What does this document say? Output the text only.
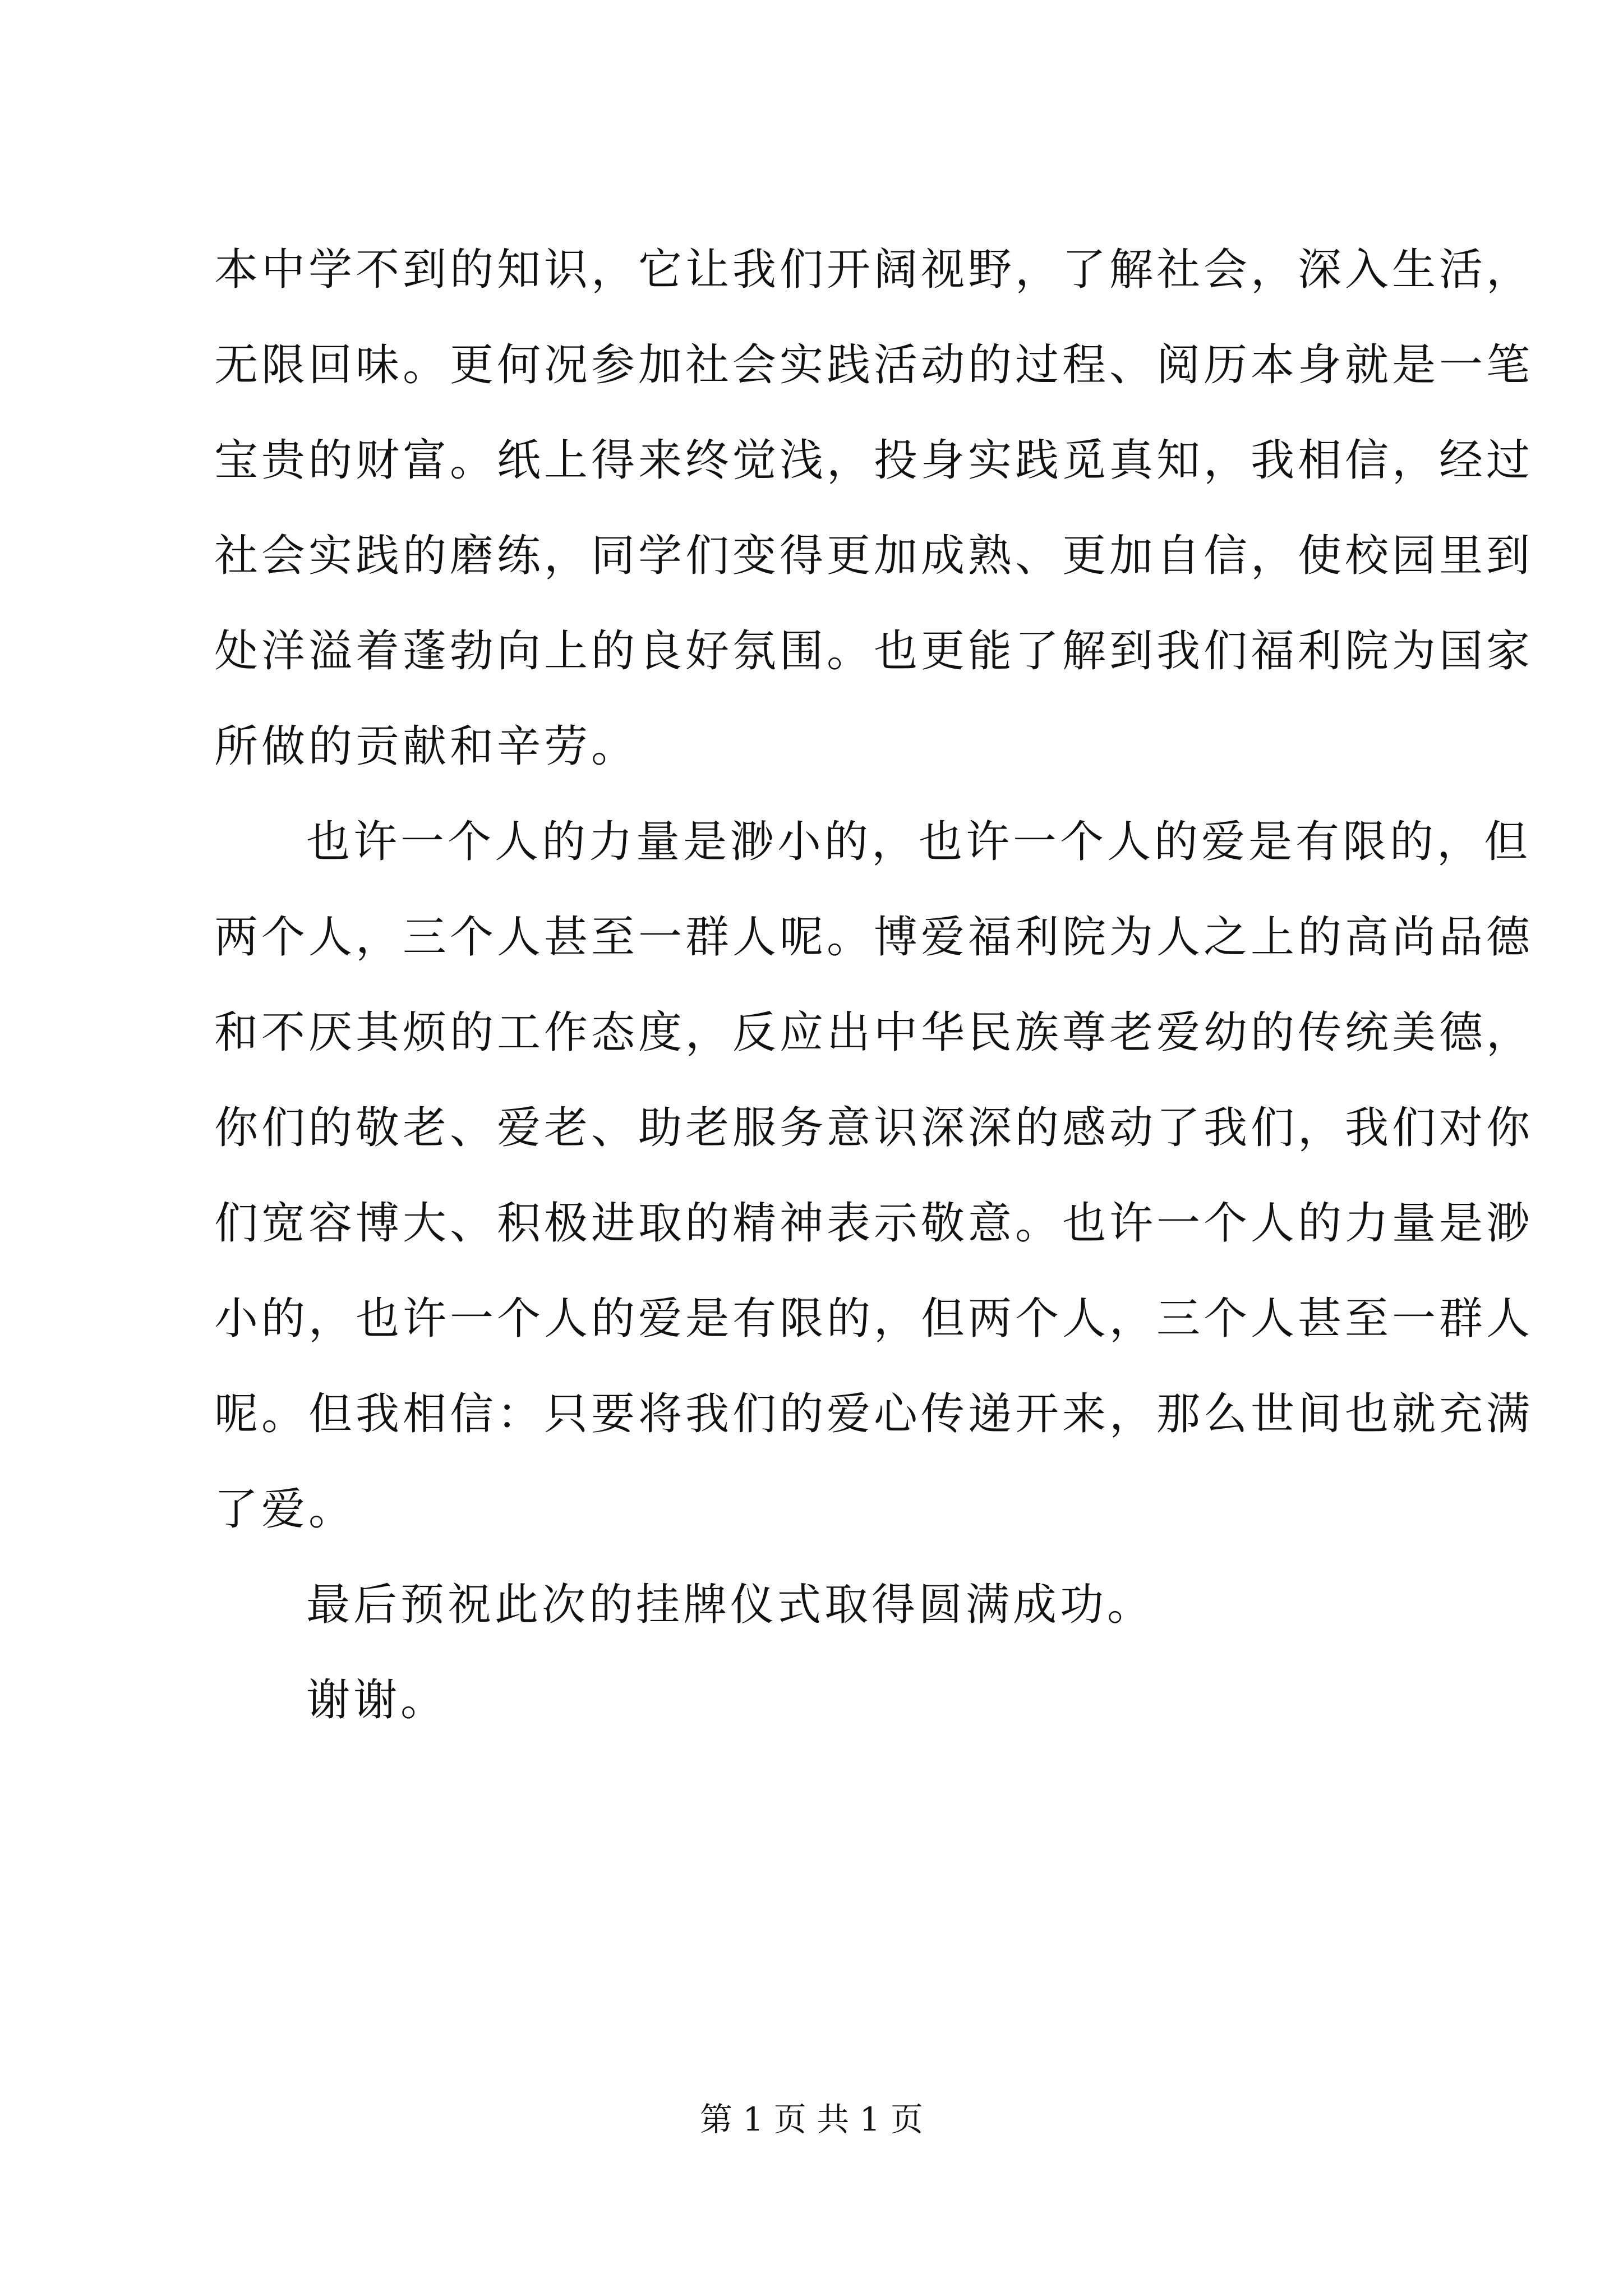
本中学不到的知识，它让我们开阔视野，了解社会，深入生活，
无限回味。更何况参加社会实践活动的过程、阅历本身就是一笔
宝贵的财富。纸上得来终觉浅，投身实践觅真知，我相信，经过
社会实践的磨练，同学们变得更加成熟、更加自信，使校园里到
处洋溢着蓬勃向上的良好氛围。也更能了解到我们福利院为国家
所做的贡献和辛劳。
也许一个人的力量是渺小的，也许一个人的爱是有限的，但
两个人，三个人甚至一群人呢。博爱福利院为人之上的高尚品德
和不厌其烦的工作态度，反应出中华民族尊老爱幼的传统美德，
你们的敬老、爱老、助老服务意识深深的感动了我们，我们对你
们宽容博大、积极进取的精神表示敬意。也许一个人的力量是渺
小的，也许一个人的爱是有限的，但两个人，三个人甚至一群人
呢。但我相信：只要将我们的爱心传递开来，那么世间也就充满
了爱。
最后预祝此次的挂牌仪式取得圆满成功。
谢谢。
第 1 页 共 1 页
